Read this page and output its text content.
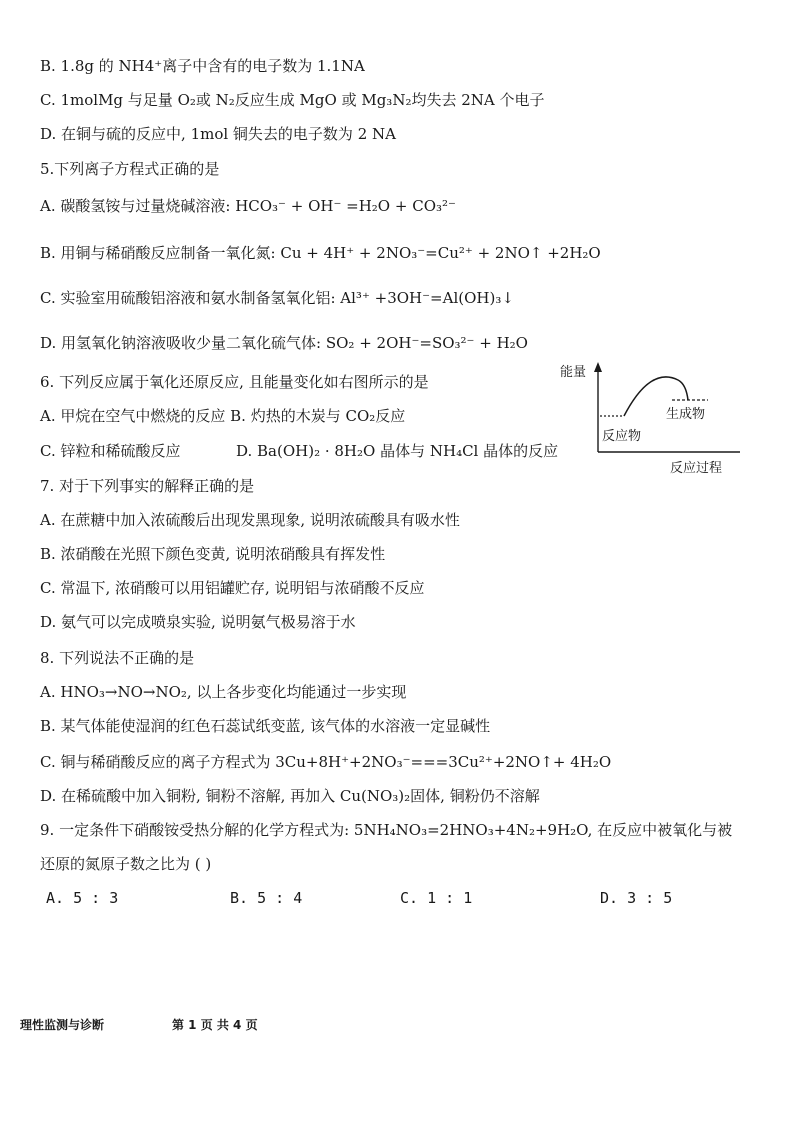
B. 1.8g 的 NH4⁺离子中含有的电子数为 1.1NA
C. 1molMg 与足量 O₂或 N₂反应生成 MgO 或 Mg₃N₂均失去 2NA 个电子
D. 在铜与硫的反应中, 1mol 铜失去的电子数为 2 NA
5.下列离子方程式正确的是
A. 碳酸氢铵与过量烧碱溶液: HCO₃⁻ + OH⁻ =H₂O + CO₃²⁻
B. 用铜与稀硝酸反应制备一氧化氮: Cu + 4H⁺ + 2NO₃⁻=Cu²⁺ + 2NO↑ +2H₂O
C. 实验室用硫酸铝溶液和氨水制备氢氧化铝: Al³⁺ +3OH⁻=Al(OH)₃↓
D. 用氢氧化钠溶液吸收少量二氧化硫气体: SO₂ + 2OH⁻=SO₃²⁻ + H₂O
6. 下列反应属于氧化还原反应, 且能量变化如右图所示的是
A. 甲烷在空气中燃烧的反应 B. 灼热的木炭与 CO₂反应
C. 锌粒和稀硫酸反应	D. Ba(OH)₂ · 8H₂O 晶体与 NH₄Cl 晶体的反应
能量
生成物
反应物
反应过程
7. 对于下列事实的解释正确的是
A. 在蔗糖中加入浓硫酸后出现发黑现象, 说明浓硫酸具有吸水性
B. 浓硝酸在光照下颜色变黄, 说明浓硝酸具有挥发性
C. 常温下, 浓硝酸可以用铝罐贮存, 说明铝与浓硝酸不反应
D. 氨气可以完成喷泉实验, 说明氨气极易溶于水
8. 下列说法不正确的是
A. HNO₃→NO→NO₂, 以上各步变化均能通过一步实现
B. 某气体能使湿润的红色石蕊试纸变蓝, 该气体的水溶液一定显碱性
C. 铜与稀硝酸反应的离子方程式为 3Cu+8H⁺+2NO₃⁻===3Cu²⁺+2NO↑+ 4H₂O
D. 在稀硫酸中加入铜粉, 铜粉不溶解, 再加入 Cu(NO₃)₂固体, 铜粉仍不溶解
9. 一定条件下硝酸铵受热分解的化学方程式为: 5NH₄NO₃=2HNO₃+4N₂+9H₂O, 在反应中被氧化与被
还原的氮原子数之比为 ( )
A. 5 : 3	B. 5 : 4	C. 1 : 1	D. 3 : 5
理性监测与诊断	第 1 页 共 4 页
